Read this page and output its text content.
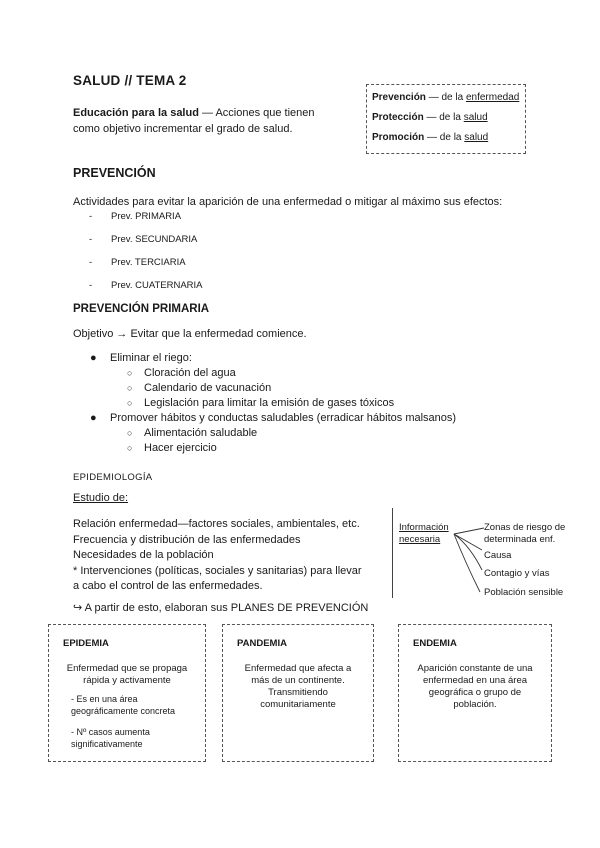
SALUD // TEMA 2
Educación para la salud — Acciones que tienen como objetivo incrementar el grado de salud.
Prevención — de la enfermedad
Protección — de la salud
Promoción — de la salud
PREVENCIÓN
Actividades para evitar la aparición de una enfermedad o mitigar al máximo sus efectos:
-	Prev. PRIMARIA
-	Prev. SECUNDARIA
-	Prev. TERCIARIA
-	Prev. CUATERNARIA
PREVENCIÓN PRIMARIA
Objetivo → Evitar que la enfermedad comience.
● Eliminar el riego:
○ Cloración del agua
○ Calendario de vacunación
○ Legislación para limitar la emisión de gases tóxicos
● Promover hábitos y conductas saludables (erradicar hábitos malsanos)
○ Alimentación saludable
○ Hacer ejercicio
EPIDEMIOLOGÍA
Estudio de:
Relación enfermedad—factores sociales, ambientales, etc.
Frecuencia y distribución de las enfermedades
Necesidades de la población
* Intervenciones (políticas, sociales y sanitarias) para llevar
a cabo el control de las enfermedades.
Información
necesaria
Zonas de riesgo de determinada enf.
Causa
Contagio y vías
Población sensible
↪ A partir de esto, elaboran sus PLANES DE PREVENCIÓN
EPIDEMIA
Enfermedad que se propaga rápida y activamente
- Es en una área geográficamente concreta
- Nº casos aumenta significativamente
PANDEMIA
Enfermedad que afecta a más de un continente. Transmitiendo comunitariamente
ENDEMIA
Aparición constante de una enfermedad en una área geográfica o grupo de población.
